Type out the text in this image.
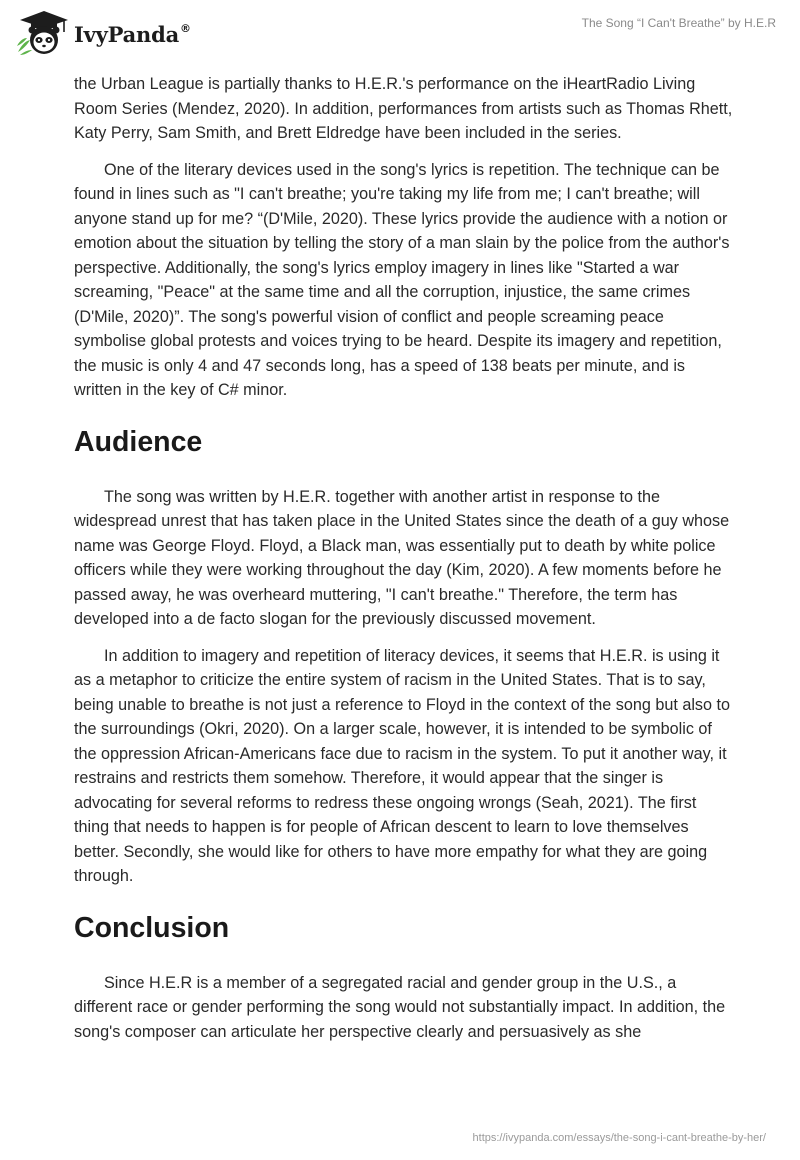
IvyPanda®	The Song “I Can't Breathe” by H.E.R

the Urban League is partially thanks to H.E.R.'s performance on the iHeartRadio Living Room Series (Mendez, 2020). In addition, performances from artists such as Thomas Rhett, Katy Perry, Sam Smith, and Brett Eldredge have been included in the series.

One of the literary devices used in the song's lyrics is repetition. The technique can be found in lines such as "I can't breathe; you're taking my life from me; I can't breathe; will anyone stand up for me? “(D'Mile, 2020). These lyrics provide the audience with a notion or emotion about the situation by telling the story of a man slain by the police from the author's perspective. Additionally, the song's lyrics employ imagery in lines like "Started a war screaming, "Peace" at the same time and all the corruption, injustice, the same crimes (D'Mile, 2020)”. The song's powerful vision of conflict and people screaming peace symbolise global protests and voices trying to be heard. Despite its imagery and repetition, the music is only 4 and 47 seconds long, has a speed of 138 beats per minute, and is written in the key of C# minor.

Audience

The song was written by H.E.R. together with another artist in response to the widespread unrest that has taken place in the United States since the death of a guy whose name was George Floyd. Floyd, a Black man, was essentially put to death by white police officers while they were working throughout the day (Kim, 2020). A few moments before he passed away, he was overheard muttering, "I can't breathe." Therefore, the term has developed into a de facto slogan for the previously discussed movement.

In addition to imagery and repetition of literacy devices, it seems that H.E.R. is using it as a metaphor to criticize the entire system of racism in the United States. That is to say, being unable to breathe is not just a reference to Floyd in the context of the song but also to the surroundings (Okri, 2020). On a larger scale, however, it is intended to be symbolic of the oppression African-Americans face due to racism in the system. To put it another way, it restrains and restricts them somehow. Therefore, it would appear that the singer is advocating for several reforms to redress these ongoing wrongs (Seah, 2021). The first thing that needs to happen is for people of African descent to learn to love themselves better. Secondly, she would like for others to have more empathy for what they are going through.

Conclusion

Since H.E.R is a member of a segregated racial and gender group in the U.S., a different race or gender performing the song would not substantially impact. In addition, the song's composer can articulate her perspective clearly and persuasively as she

https://ivypanda.com/essays/the-song-i-cant-breathe-by-her/
